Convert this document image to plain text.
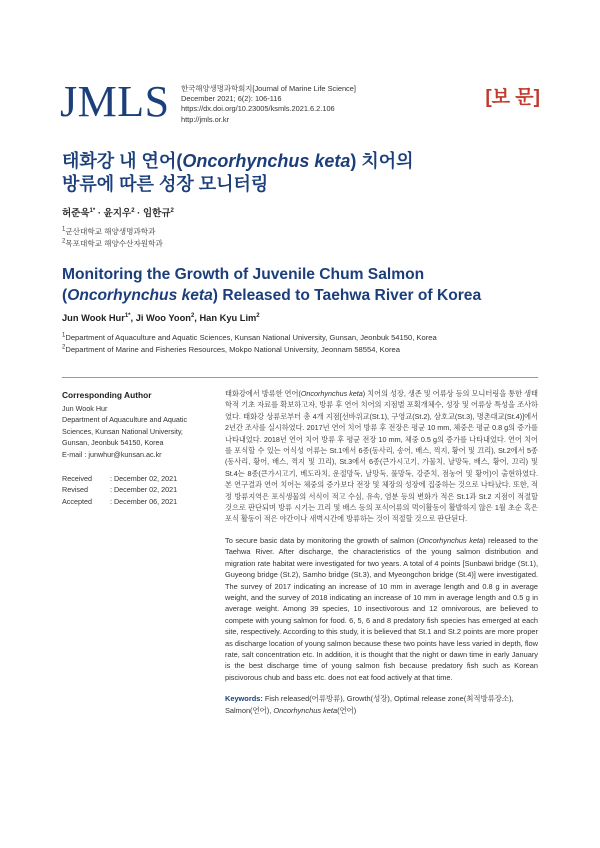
JMLS 한국해양생명과학회지[Journal of Marine Life Science]
December 2021; 6(2): 106-116
https://dx.doi.org/10.23005/ksmls.2021.6.2.106
http://jmls.or.kr
[보 문]
태화강 내 연어(Oncorhynchus keta) 치어의
방류에 따른 성장 모니터링
허준욱$^{1*}$ · 윤지우$^2$ · 임한규$^2$
$^1$군산대학교 해양생명과학과
$^2$목포대학교 해양수산자원학과
Monitoring the Growth of Juvenile Chum Salmon
(Oncorhynchus keta) Released to Taehwa River of Korea
Jun Wook Hur$^{1*}$, Ji Woo Yoon$^2$, Han Kyu Lim$^2$
$^1$Department of Aquaculture and Aquatic Sciences, Kunsan National University, Gunsan, Jeonbuk 54150, Korea
$^2$Department of Marine and Fisheries Resources, Mokpo National University, Jeonnam 58554, Korea
Corresponding Author
Jun Wook Hur
Department of Aquaculture and Aquatic
Sciences, Kunsan National University,
Gunsan, Jeonbuk 54150, Korea
E-mail : junwhur@kunsan.ac.kr
Received	: December 02, 2021
Revised	: December 02, 2021
Accepted	: December 06, 2021

태화강에서 방류한 연어(Oncorhynchus keta) 치어의 성장, 생존 및 어류상 등의 모니터링을 통한 생태학적 기초 자료를 확보하고자, 방류 후 연어 치어의 지점별 포획개체수, 성장 및 어류상 특성을 조사하였다. 태화강 상류로부터 총 4개 지점[선바위교(St.1), 구영교(St.2), 삼호교(St.3), 명촌대교(St.4)]에서 2년간 조사를 실시하였다. 2017년 연어 치어 방류 후 전장은 평균 10 mm, 체중은 평균 0.8 g의 증가를 나타내었다. 2018년 연어 치어 방류 후 평균 전장 10 mm, 체중 0.5 g의 증가를 나타내었다. 연어 치어를 포식할 수 있는 어식성 어류는 St.1에서 6종(동사리, 송어, 배스, 꺽지, 황어 및 끄리), St.2에서 5종(동사리, 황어, 배스, 꺽지 및 끄리), St.3에서 6종(큰가시고기, 가물치, 날망둑, 배스, 황어, 끄리) 및 St.4는 8종(큰가시고기, 베도라치, 운절망둑, 날망둑, 풀망둑, 강준치, 점농어 및 황어)이 출현하였다. 본 연구결과 연어 치어는 체중의 증가보다 전장 및 체장의 성장에 집중하는 것으로 나타났다. 또한, 적정 방류지역은 포식생물의 서식이 적고 수심, 유속, 염분 등의 변화가 적은 St.1과 St.2 지점이 적절할 것으로 판단되며 방류 시기는 끄리 및 배스 등의 포식어류의 먹이활동이 활발하지 않은 1월 초순 혹은 포식 활동이 적은 야간이나 새벽시간에 방류하는 것이 적절할 것으로 판단된다.

To secure basic data by monitoring the growth of salmon (Oncorhynchus keta) released to the Taehwa River. After discharge, the characteristics of the young salmon distribution and migration rate habitat were investigated for two years. A total of 4 points [Sunbawi bridge (St.1), Guyeong bridge (St.2), Samho bridge (St.3), and Myeongchon bridge (St.4)] were investigated. The survey of 2017 indicating an increase of 10 mm in average length and 0.8 g in average weight, and the survey of 2018 indicating an increase of 10 mm in average length and 0.5 g in average weight. Among 39 species, 10 insectivorous and 12 omnivorous, are believed to compete with young salmon for food. 6, 5, 6 and 8 predatory fish species has emerged at each site, respectively. According to this study, it is believed that St.1 and St.2 points are more proper as discharge location of young salmon because these two points have less varied in depth, flow rate, salt concentration etc. In addition, it is thought that the night or dawn time in early January is the best discharge time of young salmon fish because predatory fish such as Korean piscivorous chub and bass etc. does not eat food actively at that time.

Keywords: Fish released(어류방류), Growth(성장), Optimal release zone(최적방류장소), Salmon(연어), Oncorhynchus keta(연어)
